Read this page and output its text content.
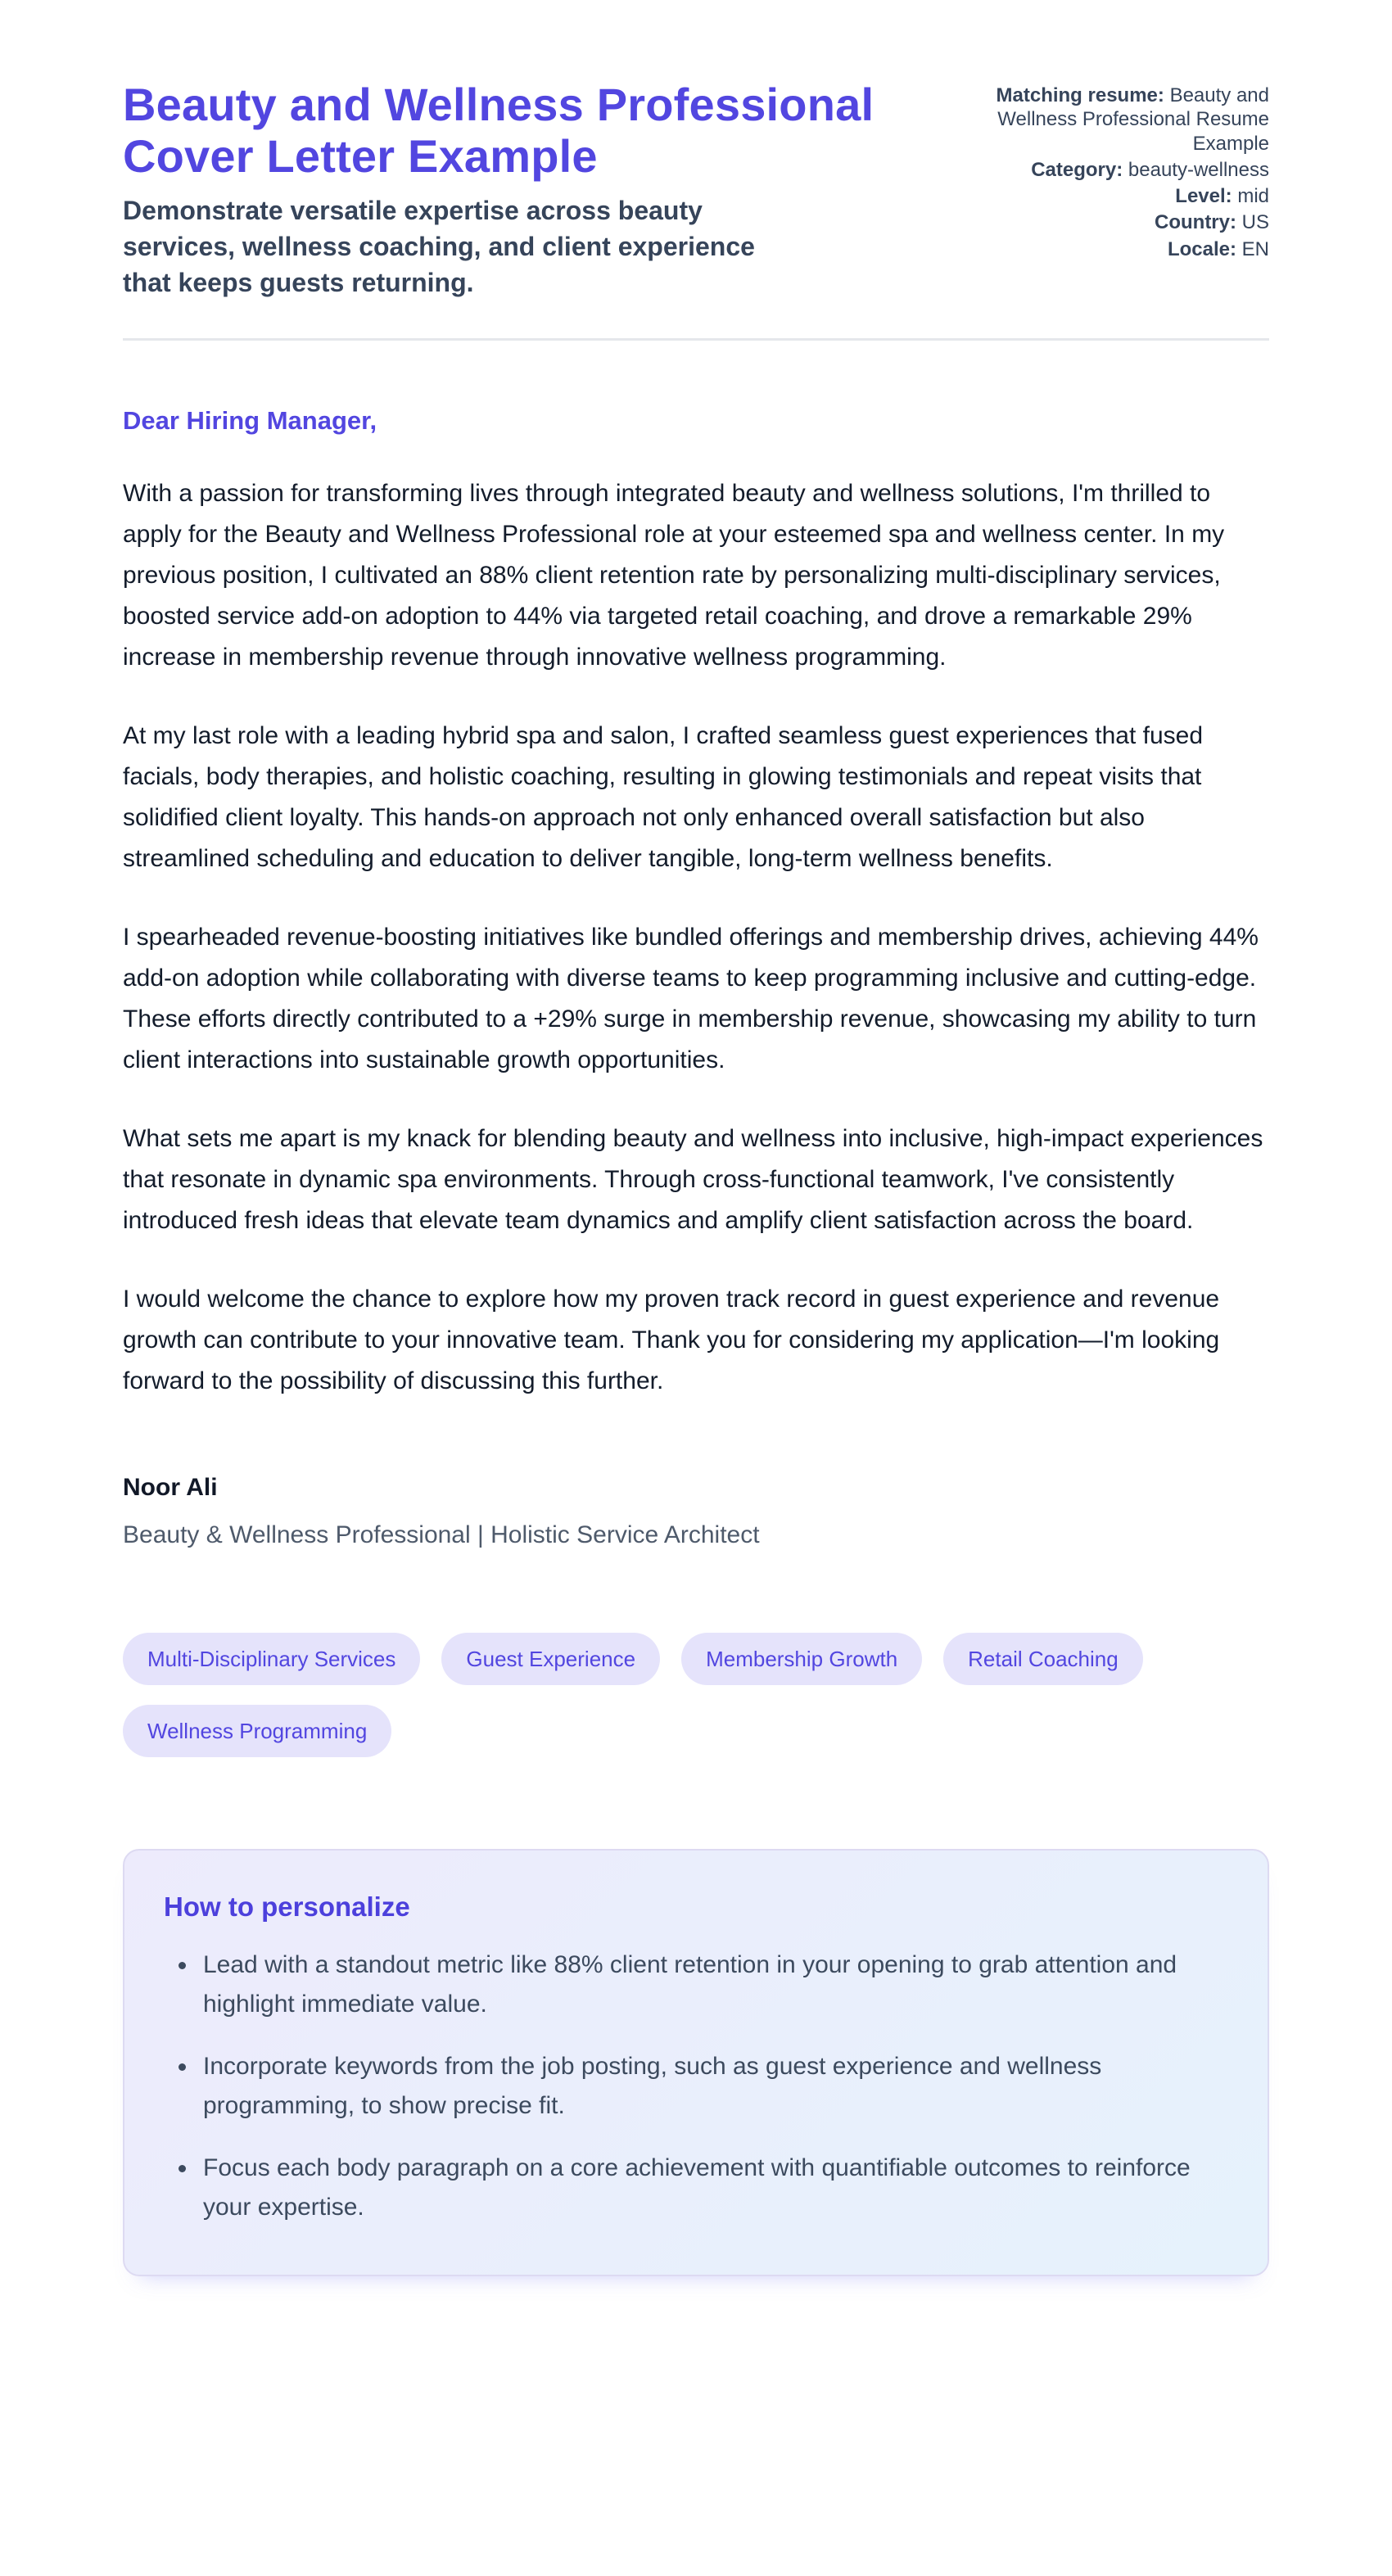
Beauty and Wellness Professional Cover Letter Example

Demonstrate versatile expertise across beauty services, wellness coaching, and client experience that keeps guests returning.

Matching resume: Beauty and Wellness Professional Resume Example
Category: beauty-wellness
Level: mid
Country: US
Locale: EN

Dear Hiring Manager,

With a passion for transforming lives through integrated beauty and wellness solutions, I'm thrilled to apply for the Beauty and Wellness Professional role at your esteemed spa and wellness center. In my previous position, I cultivated an 88% client retention rate by personalizing multi-disciplinary services, boosted service add-on adoption to 44% via targeted retail coaching, and drove a remarkable 29% increase in membership revenue through innovative wellness programming.

At my last role with a leading hybrid spa and salon, I crafted seamless guest experiences that fused facials, body therapies, and holistic coaching, resulting in glowing testimonials and repeat visits that solidified client loyalty. This hands-on approach not only enhanced overall satisfaction but also streamlined scheduling and education to deliver tangible, long-term wellness benefits.

I spearheaded revenue-boosting initiatives like bundled offerings and membership drives, achieving 44% add-on adoption while collaborating with diverse teams to keep programming inclusive and cutting-edge. These efforts directly contributed to a +29% surge in membership revenue, showcasing my ability to turn client interactions into sustainable growth opportunities.

What sets me apart is my knack for blending beauty and wellness into inclusive, high-impact experiences that resonate in dynamic spa environments. Through cross-functional teamwork, I've consistently introduced fresh ideas that elevate team dynamics and amplify client satisfaction across the board.

I would welcome the chance to explore how my proven track record in guest experience and revenue growth can contribute to your innovative team. Thank you for considering my application—I'm looking forward to the possibility of discussing this further.

Noor Ali

Beauty & Wellness Professional | Holistic Service Architect

Multi-Disciplinary Services	Guest Experience	Membership Growth	Retail Coaching
Wellness Programming
How to personalize
• Lead with a standout metric like 88% client retention in your opening to grab attention and highlight immediate value.
• Incorporate keywords from the job posting, such as guest experience and wellness programming, to show precise fit.
• Focus each body paragraph on a core achievement with quantifiable outcomes to reinforce your expertise.
